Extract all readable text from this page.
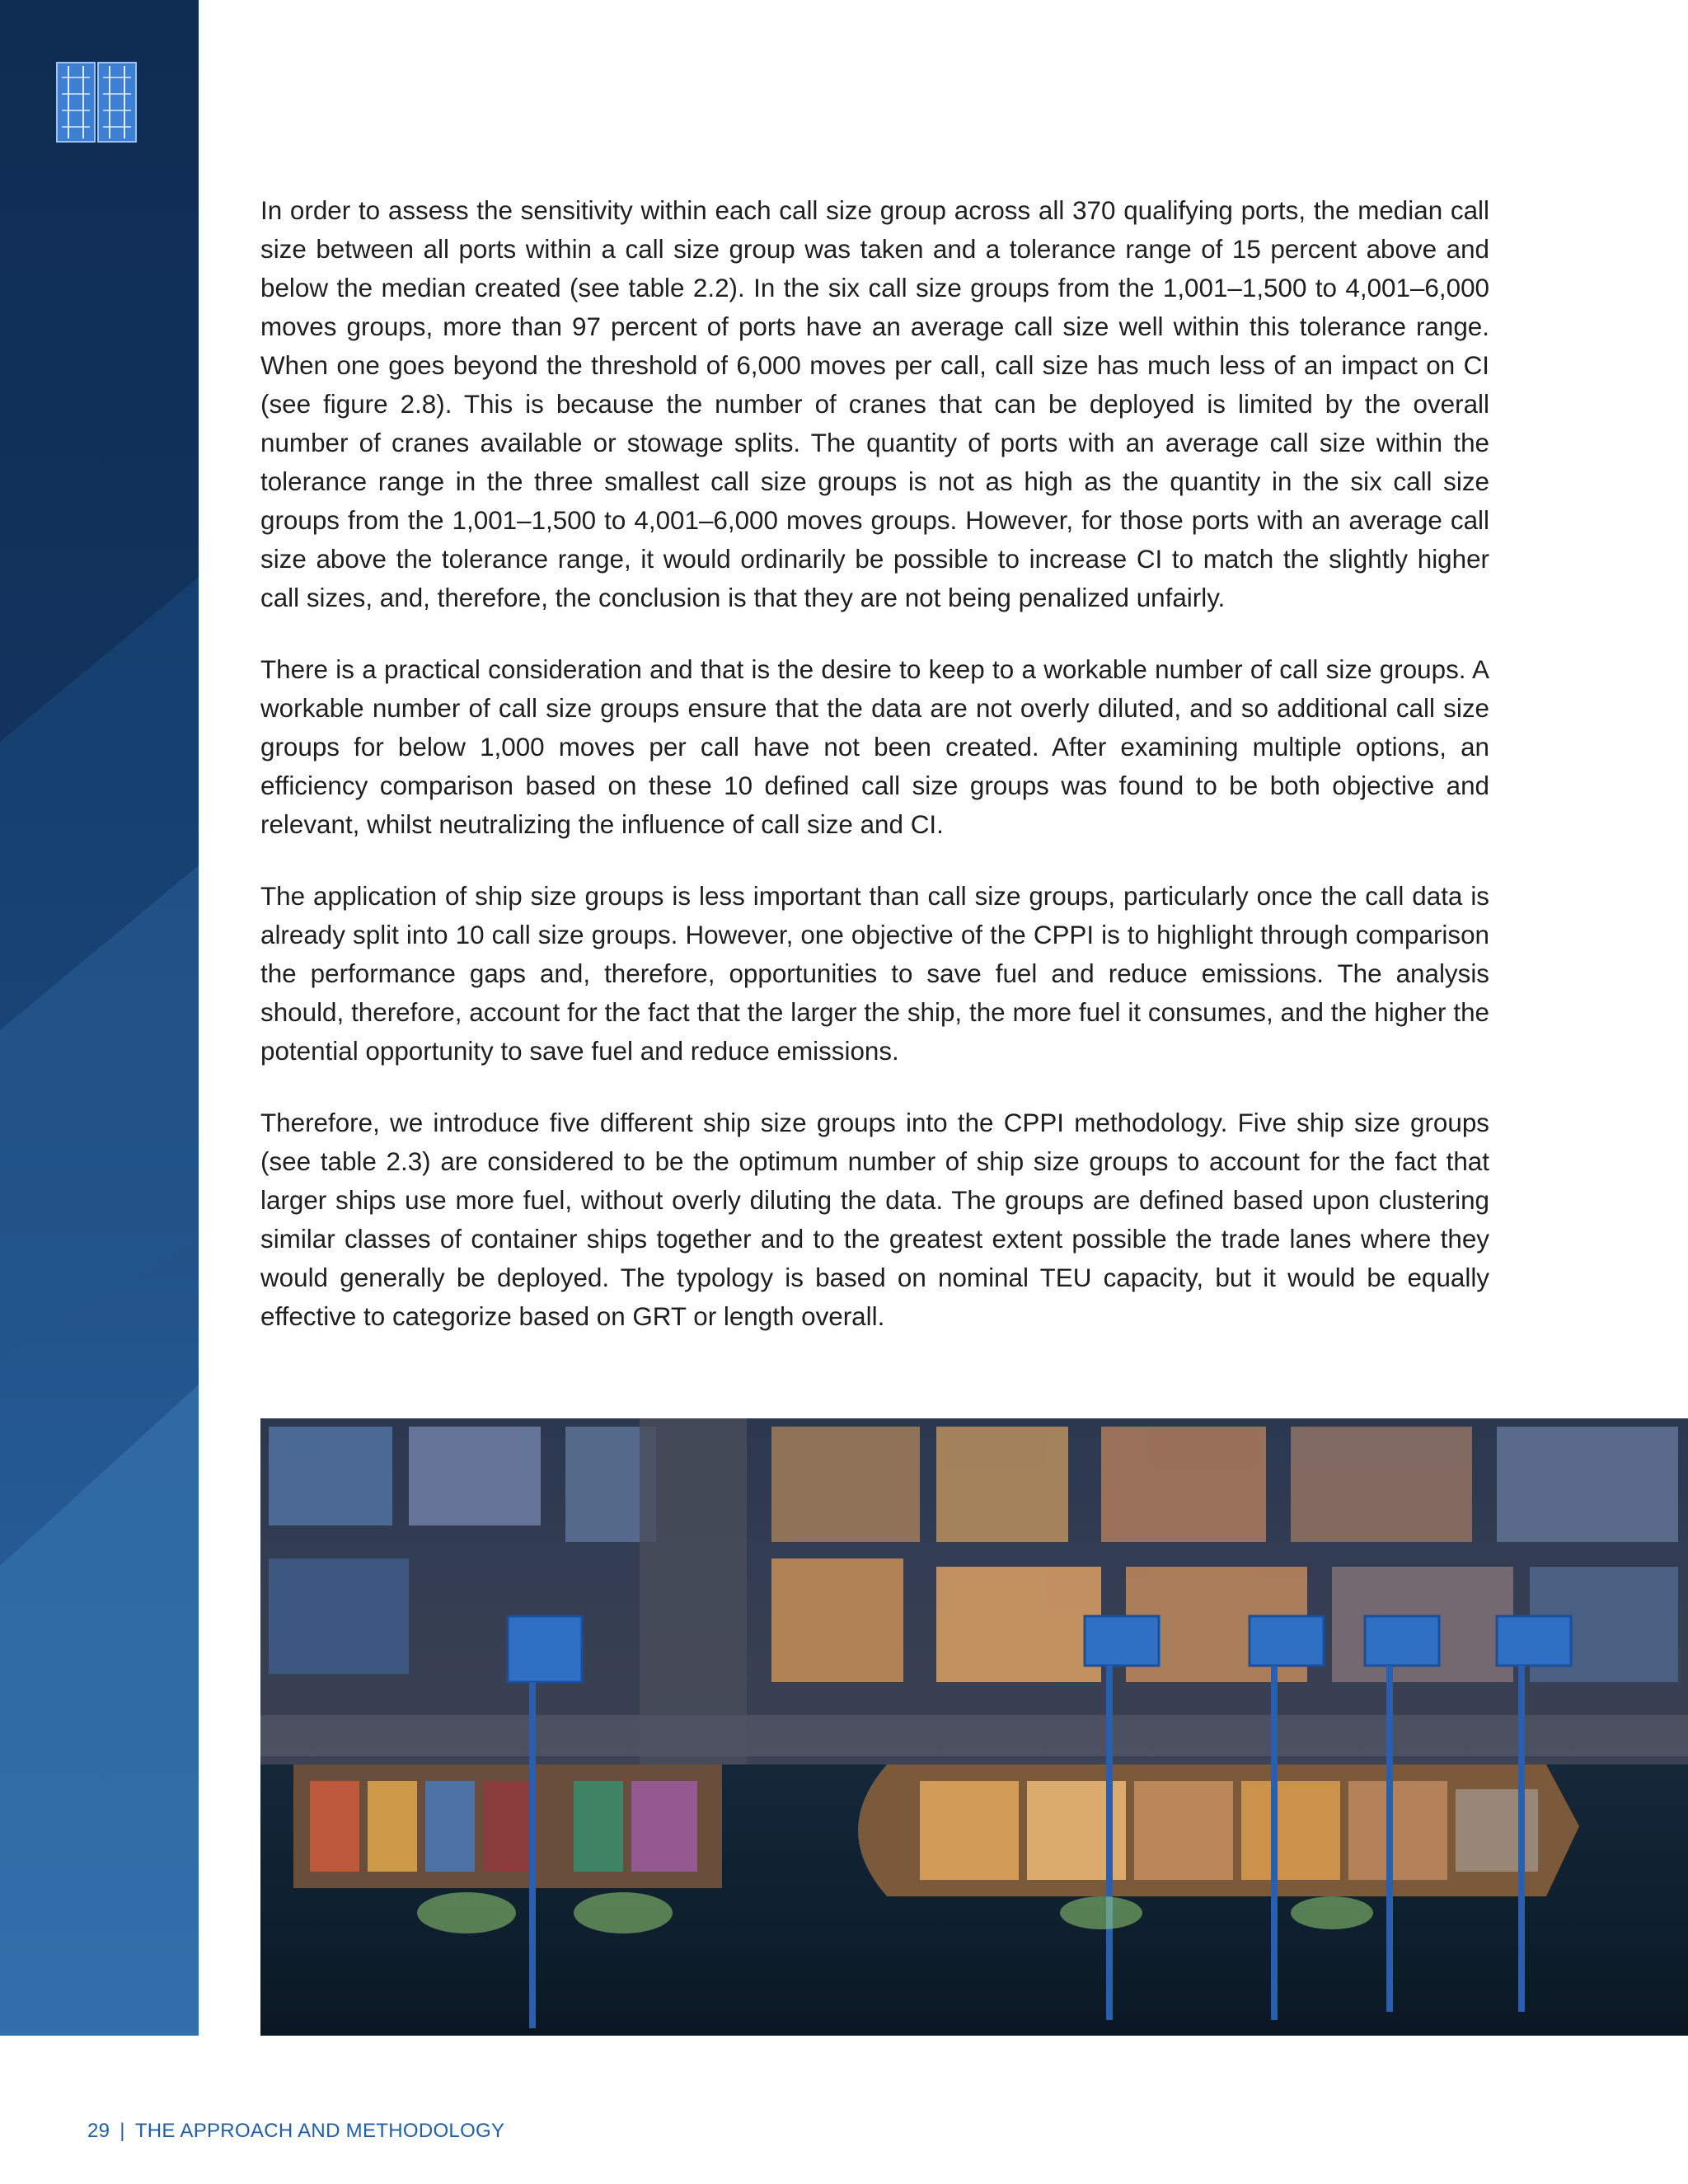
In order to assess the sensitivity within each call size group across all 370 qualifying ports, the median call size between all ports within a call size group was taken and a tolerance range of 15 percent above and below the median created (see table 2.2). In the six call size groups from the 1,001–1,500 to 4,001–6,000 moves groups, more than 97 percent of ports have an average call size well within this tolerance range. When one goes beyond the threshold of 6,000 moves per call, call size has much less of an impact on CI (see figure 2.8). This is because the number of cranes that can be deployed is limited by the overall number of cranes available or stowage splits. The quantity of ports with an average call size within the tolerance range in the three smallest call size groups is not as high as the quantity in the six call size groups from the 1,001–1,500 to 4,001–6,000 moves groups. However, for those ports with an average call size above the tolerance range, it would ordinarily be possible to increase CI to match the slightly higher call sizes, and, therefore, the conclusion is that they are not being penalized unfairly.

There is a practical consideration and that is the desire to keep to a workable number of call size groups. A workable number of call size groups ensure that the data are not overly diluted, and so additional call size groups for below 1,000 moves per call have not been created. After examining multiple options, an efficiency comparison based on these 10 defined call size groups was found to be both objective and relevant, whilst neutralizing the influence of call size and CI.

The application of ship size groups is less important than call size groups, particularly once the call data is already split into 10 call size groups. However, one objective of the CPPI is to highlight through comparison the performance gaps and, therefore, opportunities to save fuel and reduce emissions. The analysis should, therefore, account for the fact that the larger the ship, the more fuel it consumes, and the higher the potential opportunity to save fuel and reduce emissions.

Therefore, we introduce five different ship size groups into the CPPI methodology. Five ship size groups (see table 2.3) are considered to be the optimum number of ship size groups to account for the fact that larger ships use more fuel, without overly diluting the data. The groups are defined based upon clustering similar classes of container ships together and to the greatest extent possible the trade lanes where they would generally be deployed. The typology is based on nominal TEU capacity, but it would be equally effective to categorize based on GRT or length overall.

29 | THE APPROACH AND METHODOLOGY
